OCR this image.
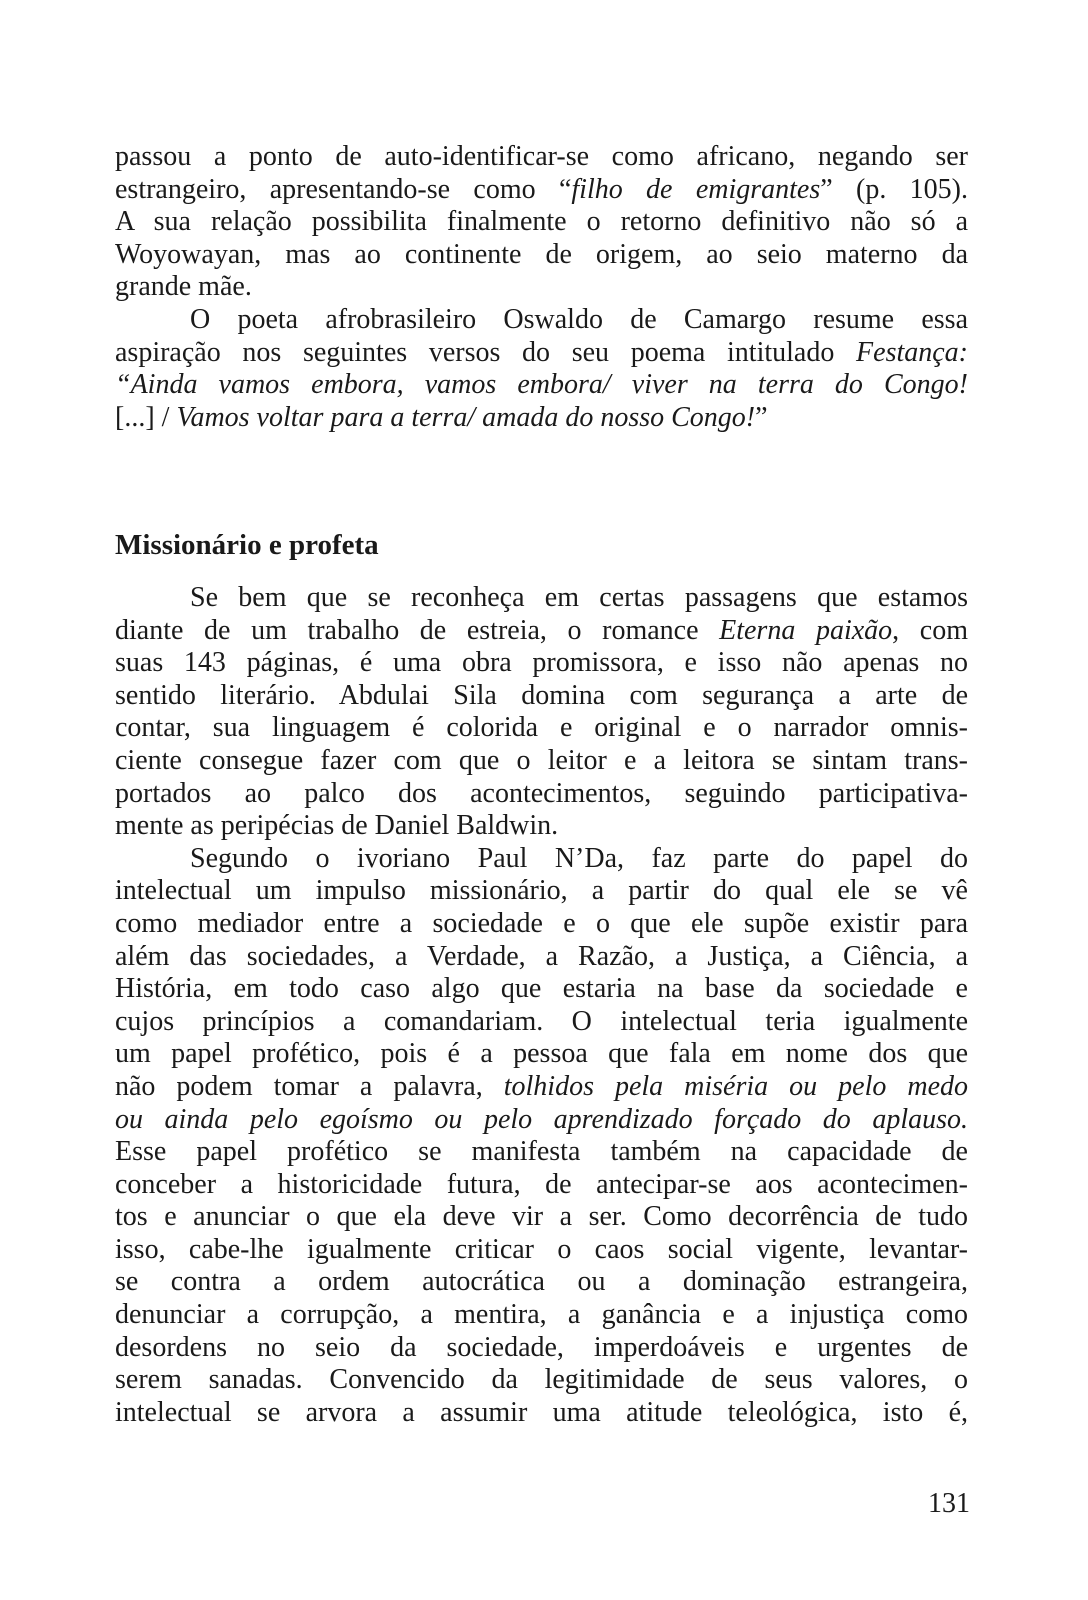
passou a ponto de auto-identificar-se como africano, negando ser
estrangeiro, apresentando-se como “filho de emigrantes” (p. 105).
A sua relação possibilita finalmente o retorno definitivo não só a
Woyowayan, mas ao continente de origem, ao seio materno da
grande mãe.
O poeta afrobrasileiro Oswaldo de Camargo resume essa
aspiração nos seguintes versos do seu poema intitulado Festança:
“Ainda vamos embora, vamos embora/ viver na terra do Congo!
[...] / Vamos voltar para a terra/ amada do nosso Congo!”
Missionário e profeta
Se bem que se reconheça em certas passagens que estamos
diante de um trabalho de estreia, o romance Eterna paixão, com
suas 143 páginas, é uma obra promissora, e isso não apenas no
sentido literário. Abdulai Sila domina com segurança a arte de
contar, sua linguagem é colorida e original e o narrador omnis-
ciente consegue fazer com que o leitor e a leitora se sintam trans-
portados ao palco dos acontecimentos, seguindo participativa-
mente as peripécias de Daniel Baldwin.
Segundo o ivoriano Paul N’Da, faz parte do papel do
intelectual um impulso missionário, a partir do qual ele se vê
como mediador entre a sociedade e o que ele supõe existir para
além das sociedades, a Verdade, a Razão, a Justiça, a Ciência, a
História, em todo caso algo que estaria na base da sociedade e
cujos princípios a comandariam. O intelectual teria igualmente
um papel profético, pois é a pessoa que fala em nome dos que
não podem tomar a palavra, tolhidos pela miséria ou pelo medo
ou ainda pelo egoísmo ou pelo aprendizado forçado do aplauso.
Esse papel profético se manifesta também na capacidade de
conceber a historicidade futura, de antecipar-se aos acontecimen-
tos e anunciar o que ela deve vir a ser. Como decorrência de tudo
isso, cabe-lhe igualmente criticar o caos social vigente, levantar-
se contra a ordem autocrática ou a dominação estrangeira,
denunciar a corrupção, a mentira, a ganância e a injustiça como
desordens no seio da sociedade, imperdoáveis e urgentes de
serem sanadas. Convencido da legitimidade de seus valores, o
intelectual se arvora a assumir uma atitude teleológica, isto é,
131
